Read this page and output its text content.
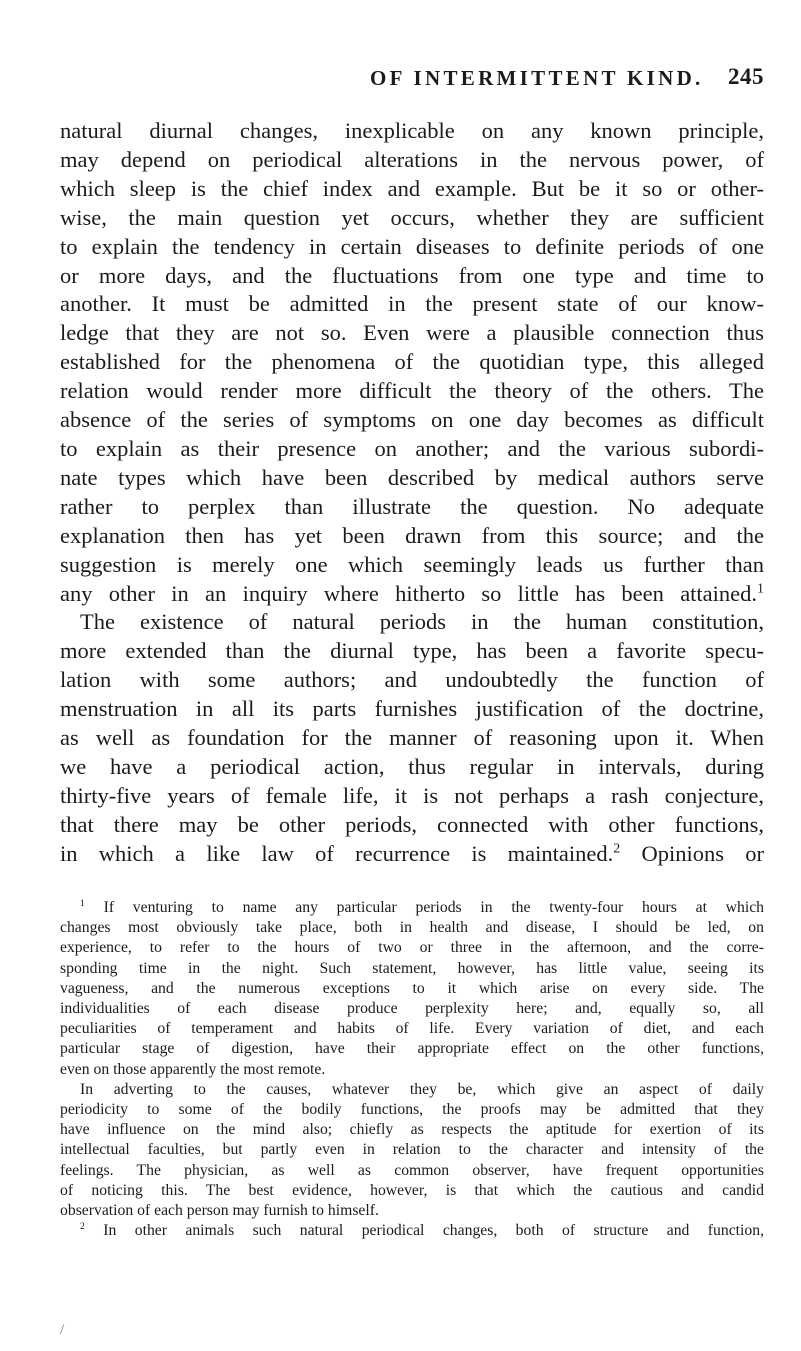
OF INTERMITTENT KIND. 245

natural diurnal changes, inexplicable on any known principle,

may depend on periodical alterations in the nervous power, of

which sleep is the chief index and example. But be it so or other-

wise, the main question yet occurs, whether they are sufficient

to explain the tendency in certain diseases to definite periods of one

or more days, and the fluctuations from one type and time to

another. It must be admitted in the present state of our know-

ledge that they are not so. Even were a plausible connection thus

established for the phenomena of the quotidian type, this alleged

relation would render more difficult the theory of the others. The

absence of the series of symptoms on one day becomes as difficult

to explain as their presence on another; and the various subordi-

nate types which have been described by medical authors serve

rather to perplex than illustrate the question. No adequate

explanation then has yet been drawn from this source; and the

suggestion is merely one which seemingly leads us further than

any other in an inquiry where hitherto so little has been attained.$^1$

The existence of natural periods in the human constitution,

more extended than the diurnal type, has been a favorite specu-

lation with some authors; and undoubtedly the function of

menstruation in all its parts furnishes justification of the doctrine,

as well as foundation for the manner of reasoning upon it. When

we have a periodical action, thus regular in intervals, during

thirty-five years of female life, it is not perhaps a rash conjecture,

that there may be other periods, connected with other functions,

in which a like law of recurrence is maintained.$^2$ Opinions or

$^1$ If venturing to name any particular periods in the twenty-four hours at which

changes most obviously take place, both in health and disease, I should be led, on

experience, to refer to the hours of two or three in the afternoon, and the corre-

sponding time in the night. Such statement, however, has little value, seeing its

vagueness, and the numerous exceptions to it which arise on every side. The

individualities of each disease produce perplexity here; and, equally so, all

peculiarities of temperament and habits of life. Every variation of diet, and each

particular stage of digestion, have their appropriate effect on the other functions,

even on those apparently the most remote.

In adverting to the causes, whatever they be, which give an aspect of daily

periodicity to some of the bodily functions, the proofs may be admitted that they

have influence on the mind also; chiefly as respects the aptitude for exertion of its

intellectual faculties, but partly even in relation to the character and intensity of the

feelings. The physician, as well as common observer, have frequent opportunities

of noticing this. The best evidence, however, is that which the cautious and candid

observation of each person may furnish to himself.

$^2$ In other animals such natural periodical changes, both of structure and function,

/
